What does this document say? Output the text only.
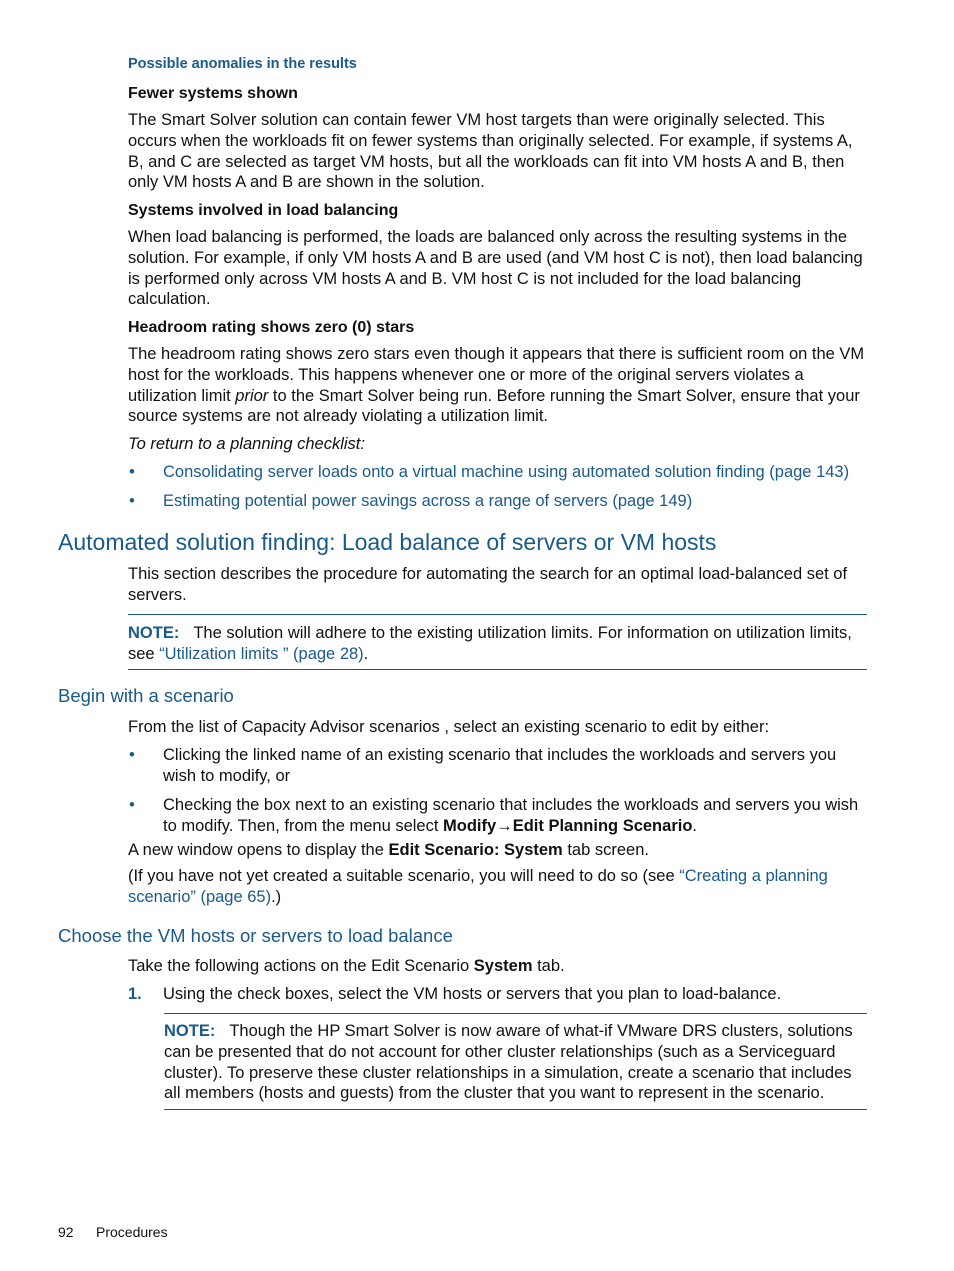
Possible anomalies in the results
Fewer systems shown
The Smart Solver solution can contain fewer VM host targets than were originally selected. This occurs when the workloads fit on fewer systems than originally selected. For example, if systems A, B, and C are selected as target VM hosts, but all the workloads can fit into VM hosts A and B, then only VM hosts A and B are shown in the solution.
Systems involved in load balancing
When load balancing is performed, the loads are balanced only across the resulting systems in the solution. For example, if only VM hosts A and B are used (and VM host C is not), then load balancing is performed only across VM hosts A and B. VM host C is not included for the load balancing calculation.
Headroom rating shows zero (0) stars
The headroom rating shows zero stars even though it appears that there is sufficient room on the VM host for the workloads. This happens whenever one or more of the original servers violates a utilization limit prior to the Smart Solver being run. Before running the Smart Solver, ensure that your source systems are not already violating a utilization limit.
To return to a planning checklist:
• Consolidating server loads onto a virtual machine using automated solution finding (page 143)
• Estimating potential power savings across a range of servers (page 149)
Automated solution finding: Load balance of servers or VM hosts
This section describes the procedure for automating the search for an optimal load-balanced set of servers.
NOTE: The solution will adhere to the existing utilization limits. For information on utilization limits, see “Utilization limits ” (page 28).
Begin with a scenario
From the list of Capacity Advisor scenarios , select an existing scenario to edit by either:
• Clicking the linked name of an existing scenario that includes the workloads and servers you wish to modify, or
• Checking the box next to an existing scenario that includes the workloads and servers you wish to modify. Then, from the menu select Modify→Edit Planning Scenario.
A new window opens to display the Edit Scenario: System tab screen.
(If you have not yet created a suitable scenario, you will need to do so (see “Creating a planning scenario” (page 65).)
Choose the VM hosts or servers to load balance
Take the following actions on the Edit Scenario System tab.
1. Using the check boxes, select the VM hosts or servers that you plan to load-balance.
NOTE: Though the HP Smart Solver is now aware of what-if VMware DRS clusters, solutions can be presented that do not account for other cluster relationships (such as a Serviceguard cluster). To preserve these cluster relationships in a simulation, create a scenario that includes all members (hosts and guests) from the cluster that you want to represent in the scenario.
92 Procedures
